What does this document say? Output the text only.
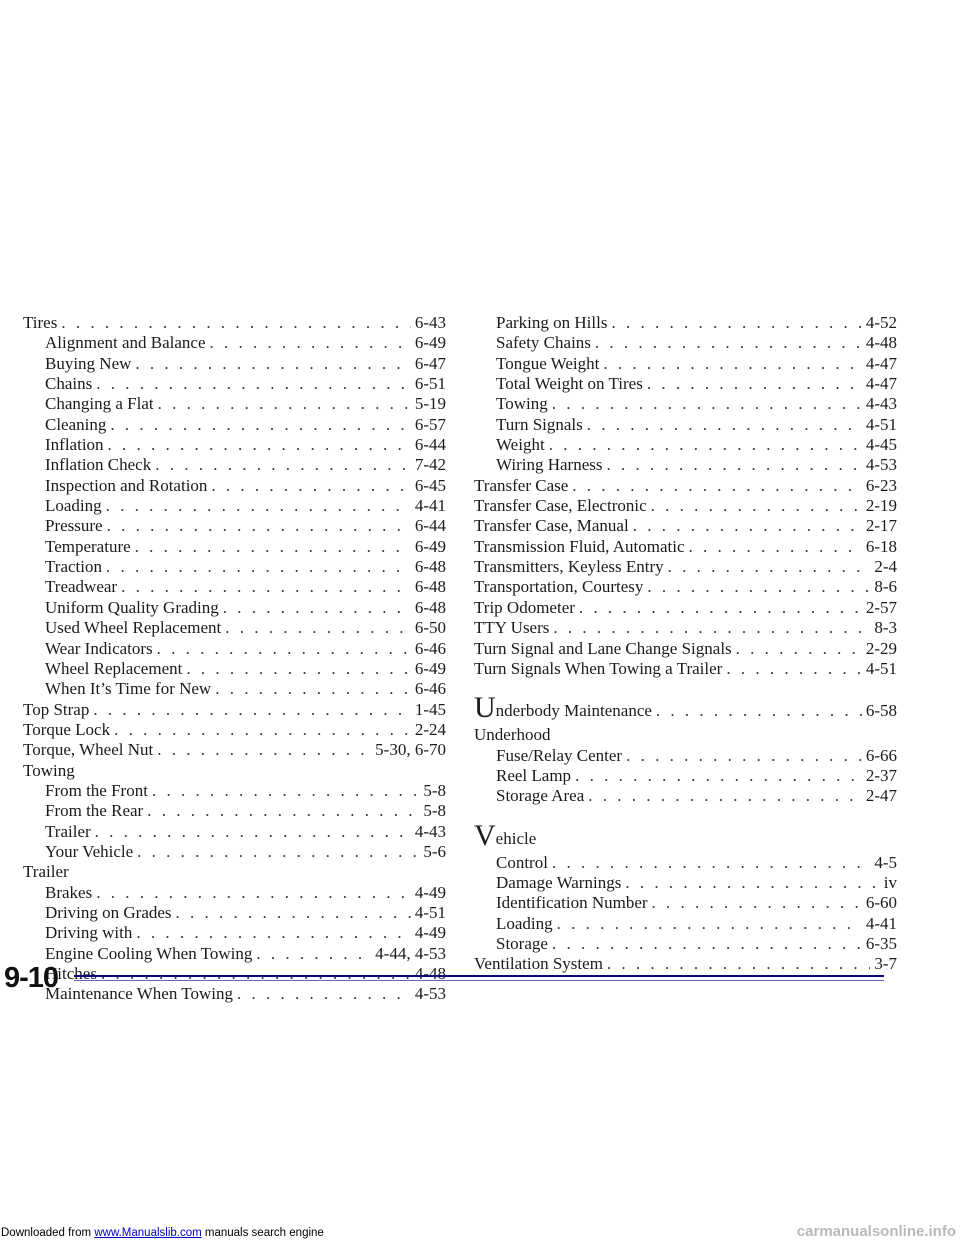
Tires . . .	6-43
Alignment and Balance . . .	6-49
Buying New . . .	6-47
Chains . . .	6-51
Changing a Flat . . .	5-19
Cleaning . . .	6-57
Inflation . . .	6-44
Inflation Check . . .	7-42
Inspection and Rotation . . .	6-45
Loading . . .	4-41
Pressure . . .	6-44
Temperature . . .	6-49
Traction . . .	6-48
Treadwear . . .	6-48
Uniform Quality Grading . . .	6-48
Used Wheel Replacement . . .	6-50
Wear Indicators . . .	6-46
Wheel Replacement . . .	6-49
When It’s Time for New . . .	6-46
Top Strap . . .	1-45
Torque Lock . . .	2-24
Torque, Wheel Nut . . .	5-30, 6-70
Towing
From the Front . . .	5-8
From the Rear . . .	5-8
Trailer . . .	4-43
Your Vehicle . . .	5-6
Trailer
Brakes . . .	4-49
Driving on Grades . . .	4-51
Driving with . . .	4-49
Engine Cooling When Towing . . .	4-44, 4-53
Hitches . . .	4-48
Maintenance When Towing . . .	4-53
Parking on Hills . . .	4-52
Safety Chains . . .	4-48
Tongue Weight . . .	4-47
Total Weight on Tires . . .	4-47
Towing . . .	4-43
Turn Signals . . .	4-51
Weight . . .	4-45
Wiring Harness . . .	4-53
Transfer Case . . .	6-23
Transfer Case, Electronic . . .	2-19
Transfer Case, Manual . . .	2-17
Transmission Fluid, Automatic . . .	6-18
Transmitters, Keyless Entry . . .	2-4
Transportation, Courtesy . . .	8-6
Trip Odometer . . .	2-57
TTY Users . . .	8-3
Turn Signal and Lane Change Signals . . .	2-29
Turn Signals When Towing a Trailer . . .	4-51
Underbody Maintenance . . .	6-58
Underhood
Fuse/Relay Center . . .	6-66
Reel Lamp . . .	2-37
Storage Area . . .	2-47
Vehicle
Control . . .	4-5
Damage Warnings . . .	iv
Identification Number . . .	6-60
Loading . . .	4-41
Storage . . .	6-35
Ventilation System . . .	3-7
9-10
Downloaded from www.Manualslib.com manuals search engine	carmanualsonline.info
